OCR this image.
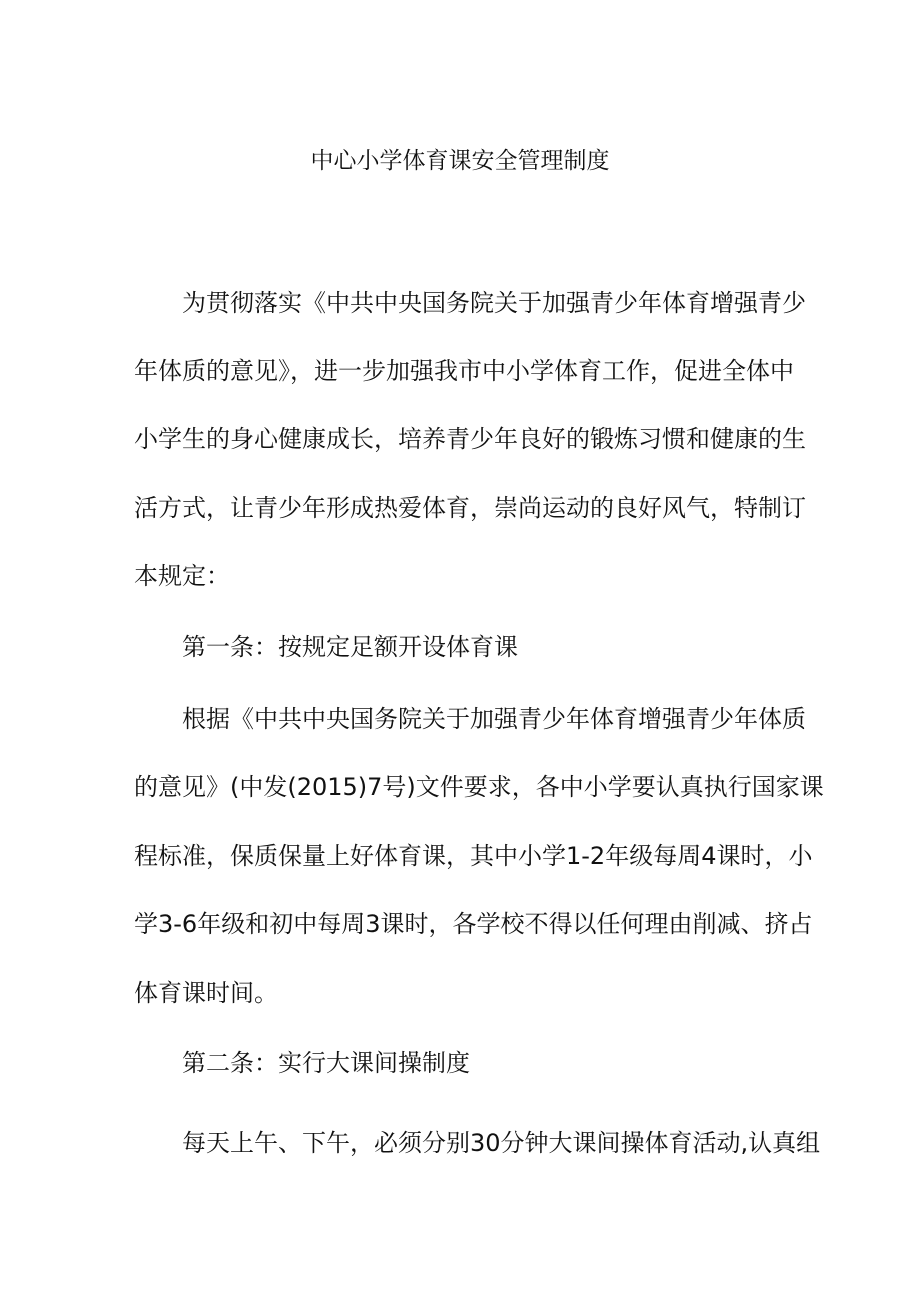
中心小学体育课安全管理制度
为贯彻落实《中共中央国务院关于加强青少年体育增强青少
年体质的意见》，进一步加强我市中小学体育工作，促进全体中
小学生的身心健康成长，培养青少年良好的锻炼习惯和健康的生
活方式，让青少年形成热爱体育，崇尚运动的良好风气，特制订
本规定：
第一条：按规定足额开设体育课
根据《中共中央国务院关于加强青少年体育增强青少年体质
的意见》(中发(2015)7号)文件要求，各中小学要认真执行国家课
程标准，保质保量上好体育课，其中小学1-2年级每周4课时，小
学3-6年级和初中每周3课时，各学校不得以任何理由削减、挤占
体育课时间。
第二条：实行大课间操制度
每天上午、下午，必须分别30分钟大课间操体育活动,认真组
